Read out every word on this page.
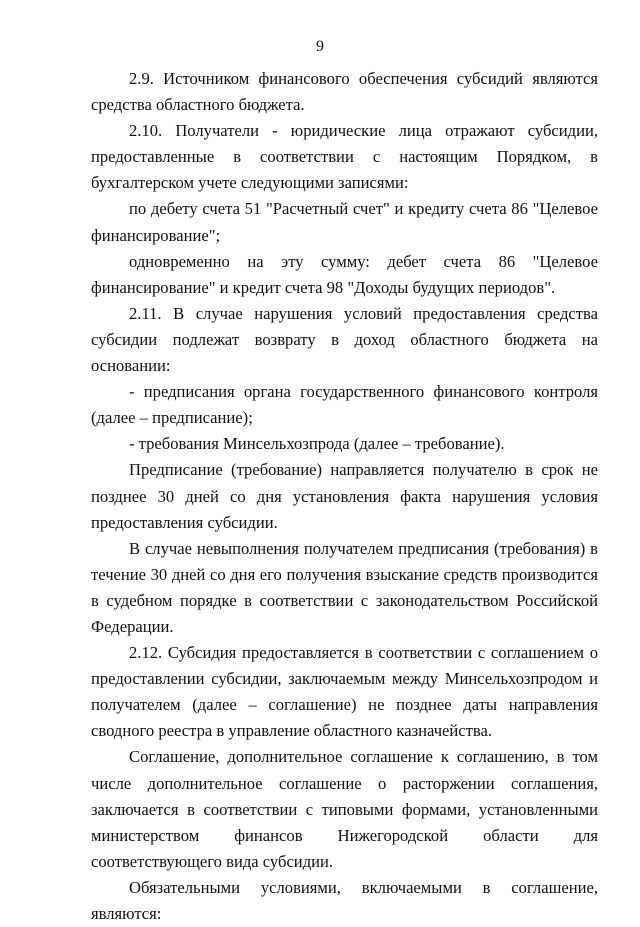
9

2.9. Источником финансового обеспечения субсидий являются средства областного бюджета.

2.10. Получатели - юридические лица отражают субсидии, предоставленные в соответствии с настоящим Порядком, в бухгалтерском учете следующими записями:

по дебету счета 51 "Расчетный счет" и кредиту счета 86 "Целевое финансирование";

одновременно на эту сумму: дебет счета 86 "Целевое финансирование" и кредит счета 98 "Доходы будущих периодов".

2.11. В случае нарушения условий предоставления средства субсидии подлежат возврату в доход областного бюджета на основании:

- предписания органа государственного финансового контроля (далее – предписание);

- требования Минсельхозпрода (далее – требование).

Предписание (требование) направляется получателю в срок не позднее 30 дней со дня установления факта нарушения условия предоставления субсидии.

В случае невыполнения получателем предписания (требования) в течение 30 дней со дня его получения взыскание средств производится в судебном порядке в соответствии с законодательством Российской Федерации.

2.12. Субсидия предоставляется в соответствии с соглашением о предоставлении субсидии, заключаемым между Минсельхозпродом и получателем (далее – соглашение) не позднее даты направления сводного реестра в управление областного казначейства.

Соглашение, дополнительное соглашение к соглашению, в том числе дополнительное соглашение о расторжении соглашения, заключается в соответствии с типовыми формами, установленными министерством финансов Нижегородской области для соответствующего вида субсидии.

Обязательными условиями, включаемыми в соглашение, являются:
